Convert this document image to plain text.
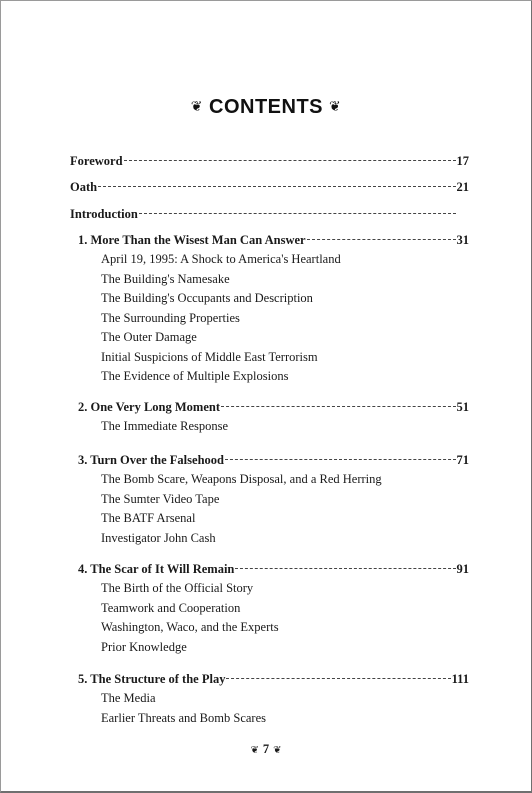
❦ CONTENTS ❦
Foreword	17
Oath	21
Introduction
1. More Than the Wisest Man Can Answer	31
April 19, 1995: A Shock to America's Heartland
The Building's Namesake
The Building's Occupants and Description
The Surrounding Properties
The Outer Damage
Initial Suspicions of Middle East Terrorism
The Evidence of Multiple Explosions
2. One Very Long Moment	51
The Immediate Response
3. Turn Over the Falsehood	71
The Bomb Scare, Weapons Disposal, and a Red Herring
The Sumter Video Tape
The BATF Arsenal
Investigator John Cash
4. The Scar of It Will Remain	91
The Birth of the Official Story
Teamwork and Cooperation
Washington, Waco, and the Experts
Prior Knowledge
5. The Structure of the Play	111
The Media
Earlier Threats and Bomb Scares
❦ 7 ❦
